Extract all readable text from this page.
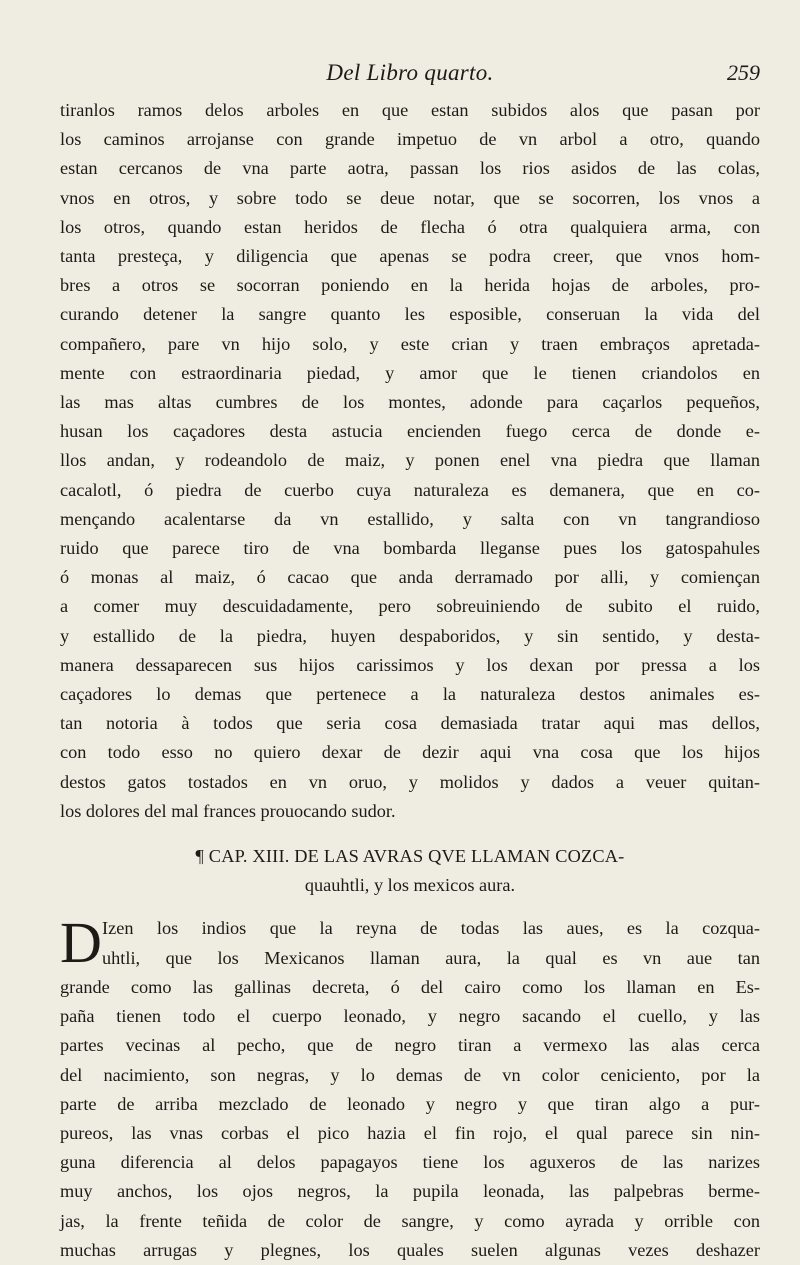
Del Libro quarto.	259
tiranlos ramos delos arboles en que estan subidos alos que pasan por
los caminos arrojanse con grande impetuo de vn arbol a otro, quando
estan cercanos de vna parte aotra, passan los rios asidos de las colas,
vnos en otros, y sobre todo se deue notar, que se socorren, los vnos a
los otros, quando estan heridos de flecha ó otra qualquiera arma, con
tanta presteça, y diligencia que apenas se podra creer, que vnos hom-
bres a otros se socorran poniendo en la herida hojas de arboles, pro-
curando detener la sangre quanto les esposible, conseruan la vida del
compañero, pare vn hijo solo, y este crian y traen embraços apretada-
mente con estraordinaria piedad, y amor que le tienen criandolos en
las mas altas cumbres de los montes, adonde para caçarlos pequeños,
husan los caçadores desta astucia encienden fuego cerca de donde e-
llos andan, y rodeandolo de maiz, y ponen enel vna piedra que llaman
cacalotl, ó piedra de cuerbo cuya naturaleza es demanera, que en co-
mençando acalentarse da vn estallido, y salta con vn tangrandioso
ruido que parece tiro de vna bombarda lleganse pues los gatospahules
ó monas al maiz, ó cacao que anda derramado por alli, y comiençan
a comer muy descuidadamente, pero sobreuiniendo de subito el ruido,
y estallido de la piedra, huyen despaboridos, y sin sentido, y desta-
manera dessaparecen sus hijos carissimos y los dexan por pressa a los
caçadores lo demas que pertenece a la naturaleza destos animales es-
tan notoria à todos que seria cosa demasiada tratar aqui mas dellos,
con todo esso no quiero dexar de dezir aqui vna cosa que los hijos
destos gatos tostados en vn oruo, y molidos y dados a veuer quitan-
los dolores del mal frances prouocando sudor.
¶ CAP. XIII. DE LAS AVRAS QVE LLAMAN COZCA-
quauhtli, y los mexicos aura.
D Izen los indios que la reyna de todas las aues, es la cozqua-
uhtli, que los Mexicanos llaman aura, la qual es vn aue tan
grande como las gallinas decreta, ó del cairo como los llaman en Es-
paña tienen todo el cuerpo leonado, y negro sacando el cuello, y las
partes vecinas al pecho, que de negro tiran a vermexo las alas cerca
del nacimiento, son negras, y lo demas de vn color ceniciento, por la
parte de arriba mezclado de leonado y negro y que tiran algo a pur-
pureos, las vnas corbas el pico hazia el fin rojo, el qual parece sin nin-
guna diferencia al delos papagayos tiene los aguxeros de las narizes
muy anchos, los ojos negros, la pupila leonada, las palpebras berme-
jas, la frente teñida de color de sangre, y como ayrada y orrible con
muchas arrugas y plegnes, los quales suelen algunas vezes deshazer
